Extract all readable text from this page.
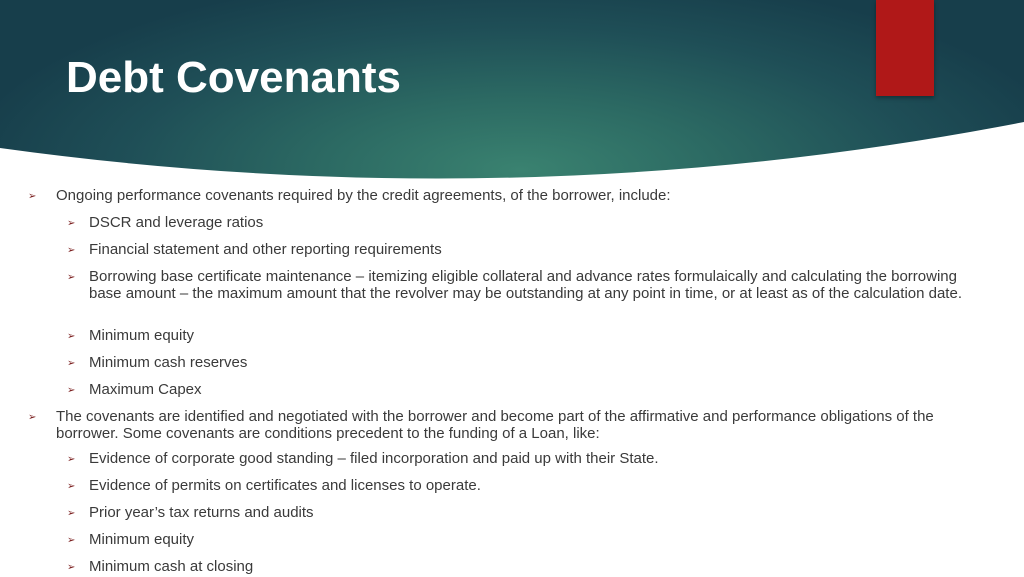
Debt Covenants
➢ Ongoing performance covenants required by the credit agreements, of the borrower, include:
➢ DSCR and leverage ratios
➢ Financial statement and other reporting requirements
➢ Borrowing base certificate maintenance – itemizing eligible collateral and advance rates formulaically and calculating the borrowing base amount – the maximum amount that the revolver may be outstanding at any point in time, or at least as of the calculation date.
➢ Minimum equity
➢ Minimum cash reserves
➢ Maximum Capex
➢ The covenants are identified and negotiated with the borrower and become part of the affirmative and performance obligations of the borrower. Some covenants are conditions precedent to the funding of a Loan, like:
➢ Evidence of corporate good standing – filed incorporation and paid up with their State.
➢ Evidence of permits on certificates and licenses to operate.
➢ Prior year’s tax returns and audits
➢ Minimum equity
➢ Minimum cash at closing
